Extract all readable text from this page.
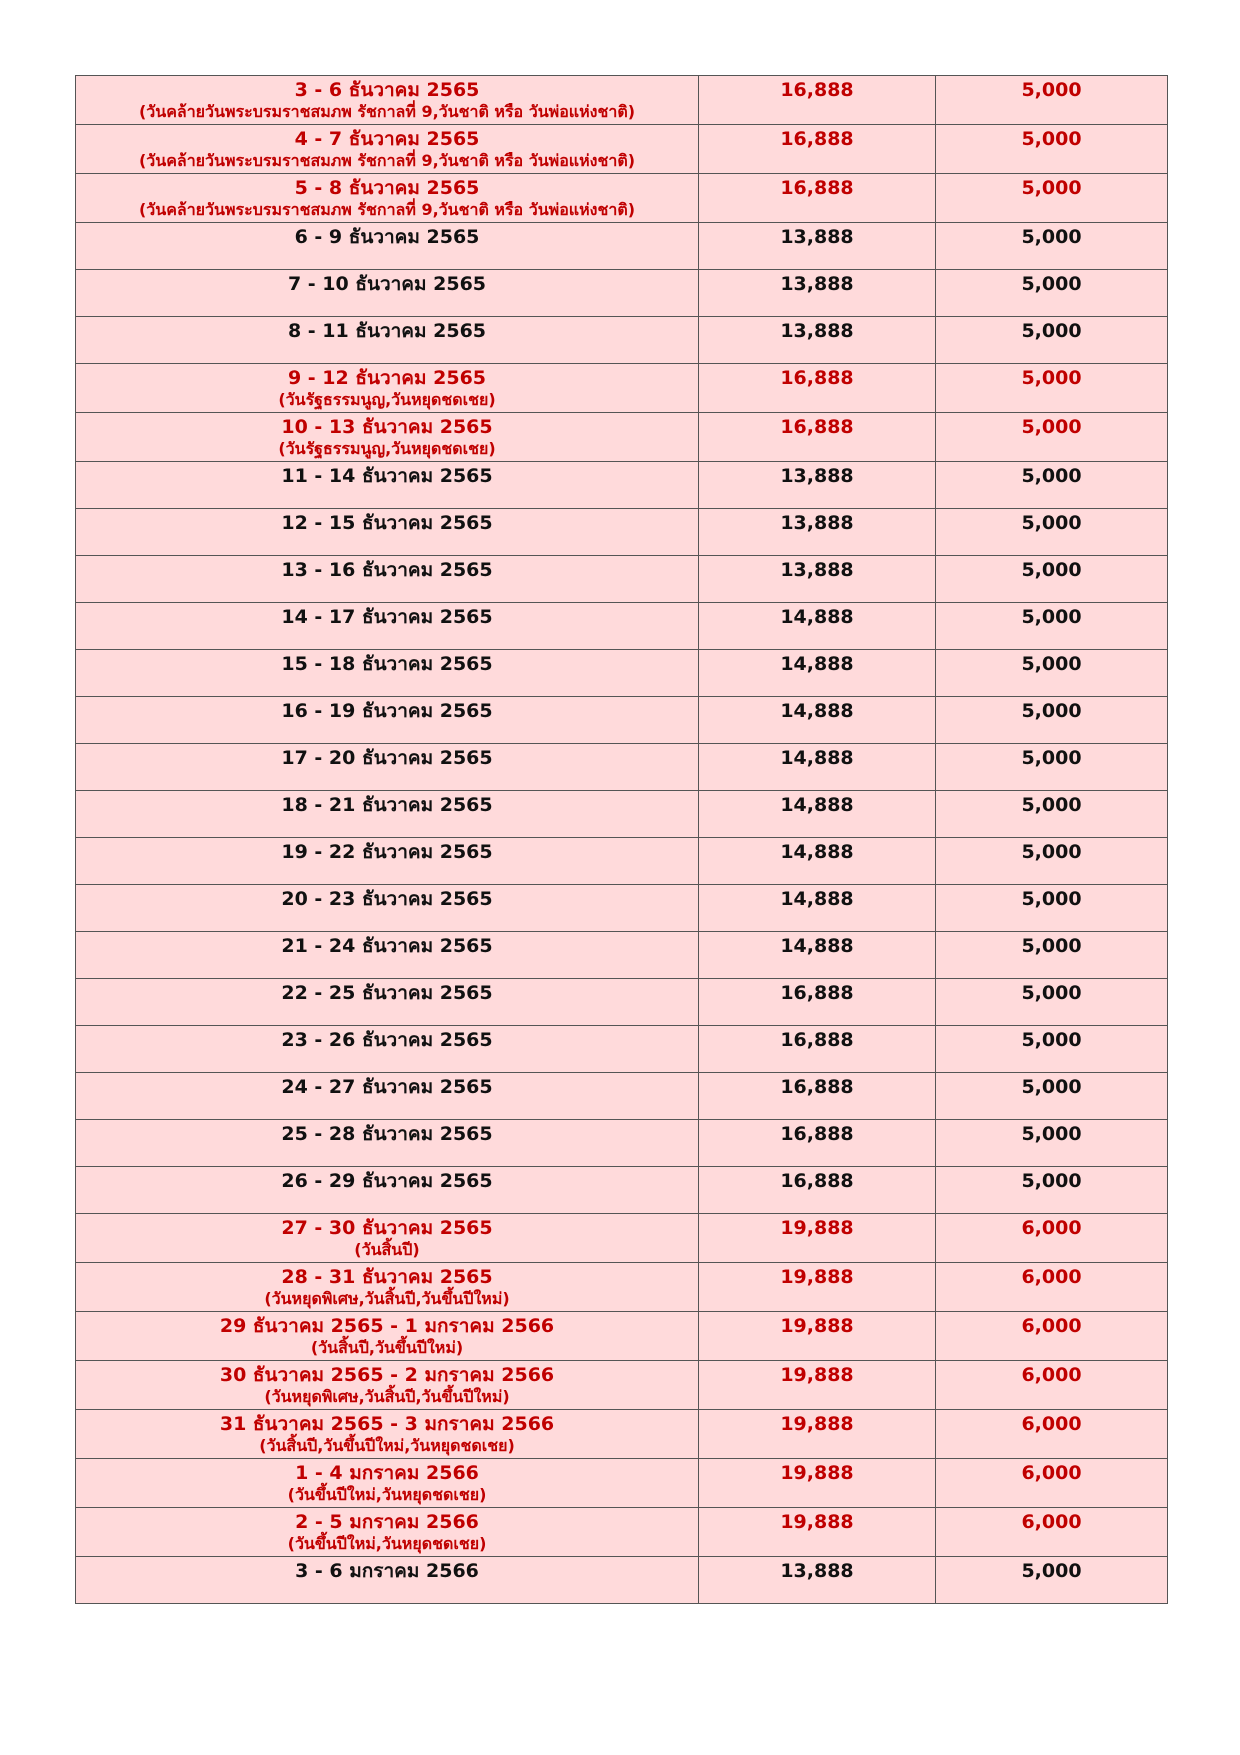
3 - 6 ธันวาคม 2565
(วันคล้ายวันพระบรมราชสมภพ รัชกาลที่ 9,วันชาติ หรือ วันพ่อแห่งชาติ)	16,888	5,000

4 - 7 ธันวาคม 2565
(วันคล้ายวันพระบรมราชสมภพ รัชกาลที่ 9,วันชาติ หรือ วันพ่อแห่งชาติ)	16,888	5,000

5 - 8 ธันวาคม 2565
(วันคล้ายวันพระบรมราชสมภพ รัชกาลที่ 9,วันชาติ หรือ วันพ่อแห่งชาติ)	16,888	5,000

6 - 9 ธันวาคม 2565	13,888	5,000

7 - 10 ธันวาคม 2565	13,888	5,000

8 - 11 ธันวาคม 2565	13,888	5,000

9 - 12 ธันวาคม 2565
(วันรัฐธรรมนูญ,วันหยุดชดเชย)	16,888	5,000

10 - 13 ธันวาคม 2565
(วันรัฐธรรมนูญ,วันหยุดชดเชย)	16,888	5,000

11 - 14 ธันวาคม 2565	13,888	5,000

12 - 15 ธันวาคม 2565	13,888	5,000

13 - 16 ธันวาคม 2565	13,888	5,000

14 - 17 ธันวาคม 2565	14,888	5,000

15 - 18 ธันวาคม 2565	14,888	5,000

16 - 19 ธันวาคม 2565	14,888	5,000

17 - 20 ธันวาคม 2565	14,888	5,000

18 - 21 ธันวาคม 2565	14,888	5,000

19 - 22 ธันวาคม 2565	14,888	5,000

20 - 23 ธันวาคม 2565	14,888	5,000

21 - 24 ธันวาคม 2565	14,888	5,000

22 - 25 ธันวาคม 2565	16,888	5,000

23 - 26 ธันวาคม 2565	16,888	5,000

24 - 27 ธันวาคม 2565	16,888	5,000

25 - 28 ธันวาคม 2565	16,888	5,000

26 - 29 ธันวาคม 2565	16,888	5,000

27 - 30 ธันวาคม 2565
(วันสิ้นปี)	19,888	6,000

28 - 31 ธันวาคม 2565
(วันหยุดพิเศษ,วันสิ้นปี,วันขึ้นปีใหม่)	19,888	6,000

29 ธันวาคม 2565 - 1 มกราคม 2566
(วันสิ้นปี,วันขึ้นปีใหม่)	19,888	6,000

30 ธันวาคม 2565 - 2 มกราคม 2566
(วันหยุดพิเศษ,วันสิ้นปี,วันขึ้นปีใหม่)	19,888	6,000

31 ธันวาคม 2565 - 3 มกราคม 2566
(วันสิ้นปี,วันขึ้นปีใหม่,วันหยุดชดเชย)	19,888	6,000

1 - 4 มกราคม 2566
(วันขึ้นปีใหม่,วันหยุดชดเชย)	19,888	6,000

2 - 5 มกราคม 2566
(วันขึ้นปีใหม่,วันหยุดชดเชย)	19,888	6,000

3 - 6 มกราคม 2566	13,888	5,000
